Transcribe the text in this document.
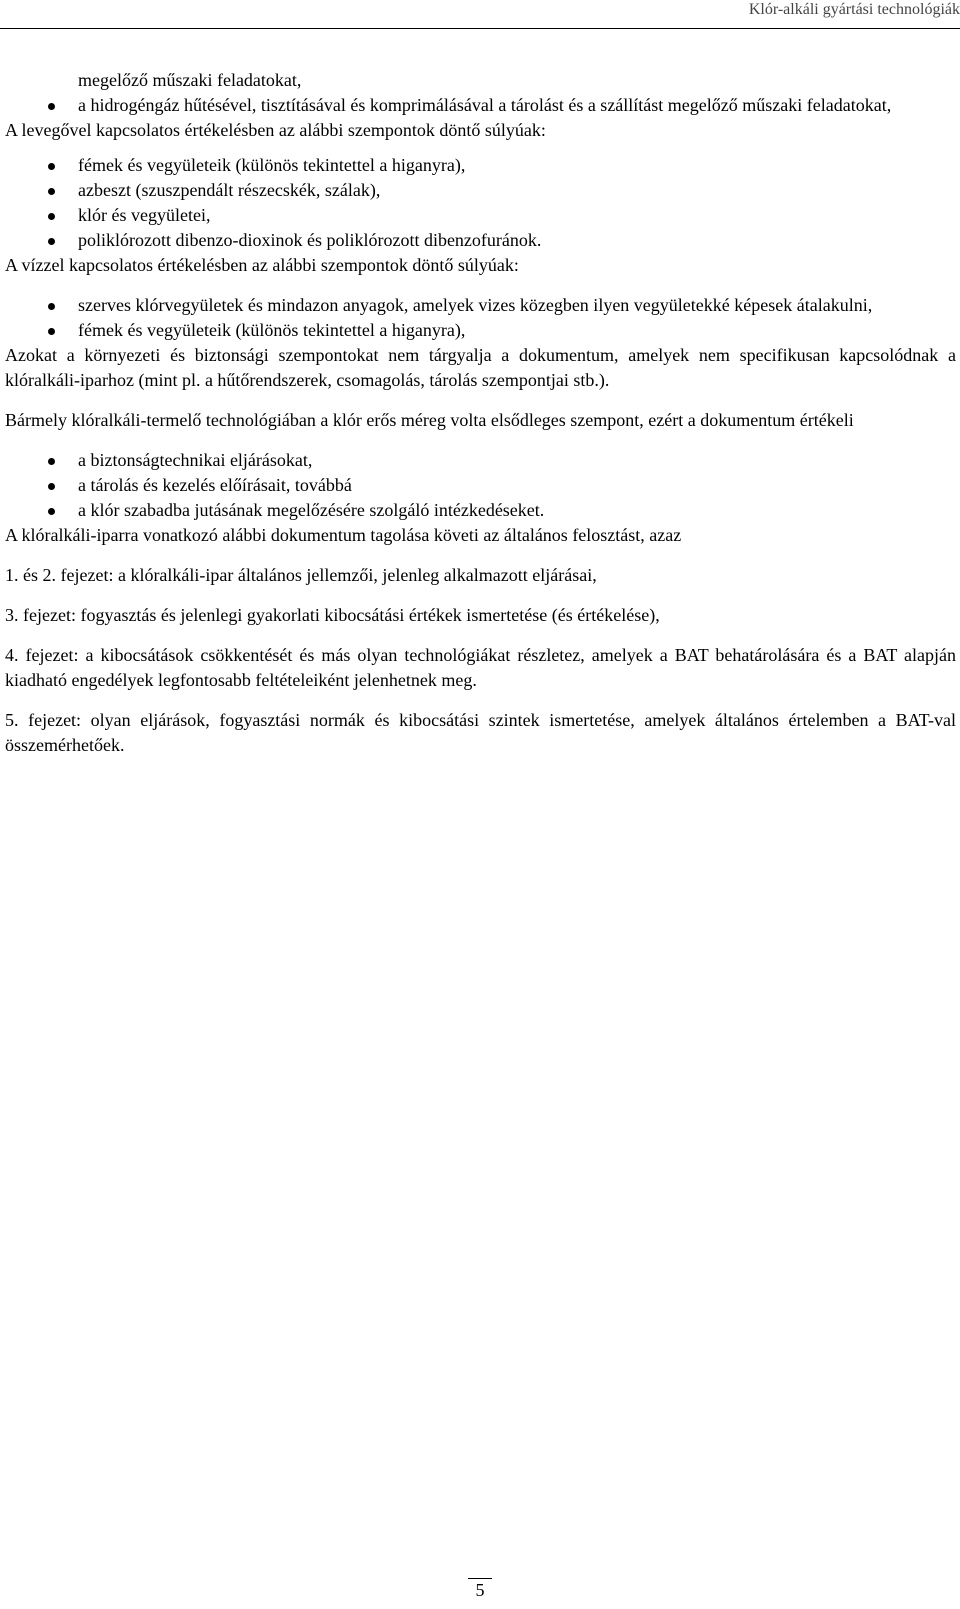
Klór-alkáli gyártási technológiák

megelőző műszaki feladatokat,

a hidrogéngáz hűtésével, tisztításával és komprimálásával a tárolást és a szállítást megelőző műszaki feladatokat,

A levegővel kapcsolatos értékelésben az alábbi szempontok döntő súlyúak:

fémek és vegyületeik (különös tekintettel a higanyra),
azbeszt (szuszpendált részecskék, szálak),
klór és vegyületei,
poliklórozott dibenzo-dioxinok és poliklórozott dibenzofuránok.

A vízzel kapcsolatos értékelésben az alábbi szempontok döntő súlyúak:

szerves klórvegyületek és mindazon anyagok, amelyek vizes közegben ilyen vegyületekké képesek átalakulni,
fémek és vegyületeik (különös tekintettel a higanyra),

Azokat a környezeti és biztonsági szempontokat nem tárgyalja a dokumentum, amelyek nem specifikusan kapcsolódnak a klóralkáli-iparhoz (mint pl. a hűtőrendszerek, csomagolás, tárolás szempontjai stb.).

Bármely klóralkáli-termelő technológiában a klór erős méreg volta elsődleges szempont, ezért a dokumentum értékeli

a biztonságtechnikai eljárásokat,
a tárolás és kezelés előírásait, továbbá
a klór szabadba jutásának megelőzésére szolgáló intézkedéseket.

A klóralkáli-iparra vonatkozó alábbi dokumentum tagolása követi az általános felosztást, azaz

1. és 2. fejezet: a klóralkáli-ipar általános jellemzői, jelenleg alkalmazott eljárásai,

3. fejezet: fogyasztás és jelenlegi gyakorlati kibocsátási értékek ismertetése (és értékelése),

4. fejezet: a kibocsátások csökkentését és más olyan technológiákat részletez, amelyek a BAT behatárolására és a BAT alapján kiadható engedélyek legfontosabb feltételeiként jelenhetnek meg.

5. fejezet: olyan eljárások, fogyasztási normák és kibocsátási szintek ismertetése, amelyek általános értelemben a BAT-val összemérhetőek.

5
